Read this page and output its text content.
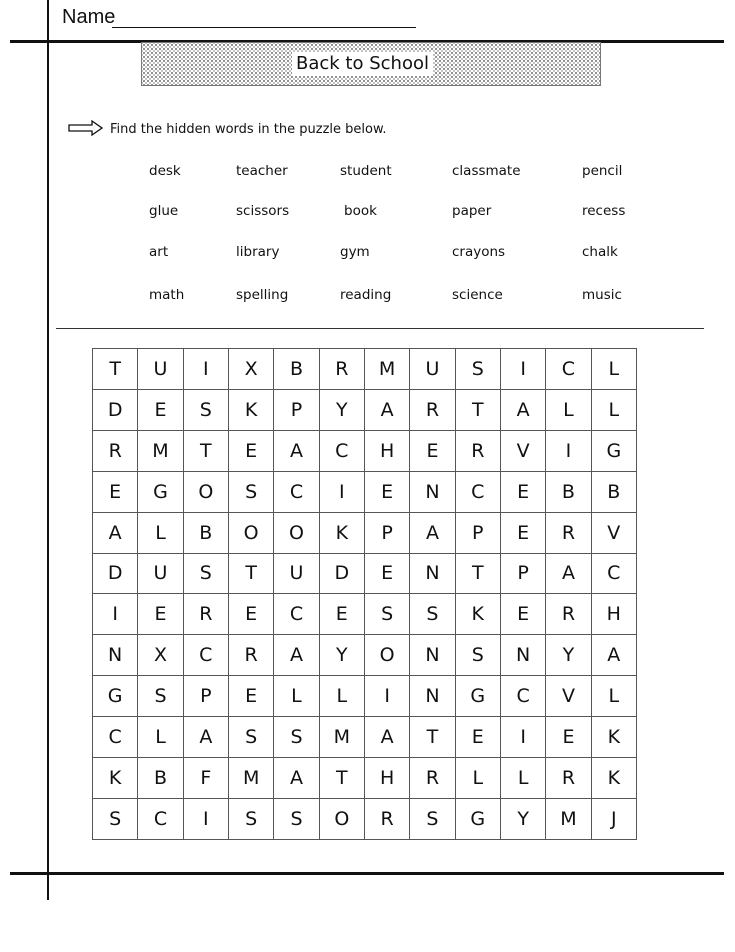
Name
Back to School
Find the hidden words in the puzzle below.
desk	teacher	student	classmate	pencil
glue	scissors	book	paper	recess
art	library	gym	crayons	chalk
math	spelling	reading	science	music
T	U	I	X	B	R	M	U	S	I	C	L
D	E	S	K	P	Y	A	R	T	A	L	L
R	M	T	E	A	C	H	E	R	V	I	G
E	G	O	S	C	I	E	N	C	E	B	B
A	L	B	O	O	K	P	A	P	E	R	V
D	U	S	T	U	D	E	N	T	P	A	C
I	E	R	E	C	E	S	S	K	E	R	H
N	X	C	R	A	Y	O	N	S	N	Y	A
G	S	P	E	L	L	I	N	G	C	V	L
C	L	A	S	S	M	A	T	E	I	E	K
K	B	F	M	A	T	H	R	L	L	R	K
S	C	I	S	S	O	R	S	G	Y	M	J
